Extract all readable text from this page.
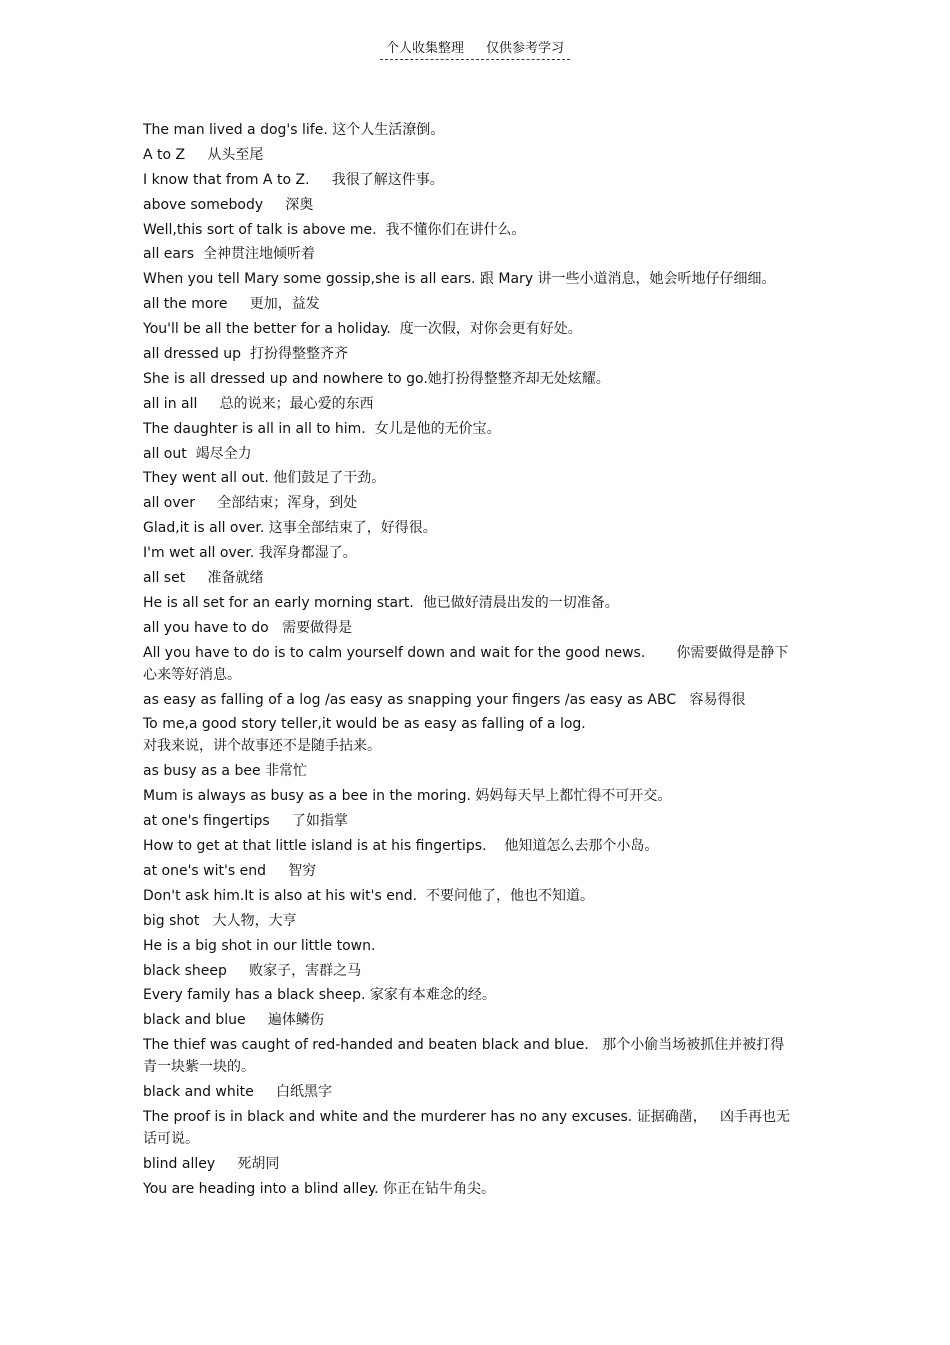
个人收集整理 仅供参考学习
The man lived a dog's life. 这个人生活潦倒。
A to Z     从头至尾
I know that from A to Z.     我很了解这件事。
above somebody     深奥
Well,this sort of talk is above me.  我不懂你们在讲什么。
all ears  全神贯注地倾听着
When you tell Mary some gossip,she is all ears. 跟 Mary 讲一些小道消息，她会听地仔仔细细。
all the more     更加，益发
You'll be all the better for a holiday.  度一次假，对你会更有好处。
all dressed up  打扮得整整齐齐
She is all dressed up and nowhere to go.她打扮得整整齐却无处炫耀。
all in all     总的说来；最心爱的东西
The daughter is all in all to him.  女儿是他的无价宝。
all out  竭尽全力
They went all out. 他们鼓足了干劲。
all over     全部结束；浑身，到处
Glad,it is all over. 这事全部结束了，好得很。
I'm wet all over. 我浑身都湿了。
all set     准备就绪
He is all set for an early morning start.  他已做好清晨出发的一切准备。
all you have to do   需要做得是
All you have to do is to calm yourself down and wait for the good news.       你需要做得是静下心来等好消息。
as easy as falling of a log /as easy as snapping your fingers /as easy as ABC   容易得很
To me,a good story teller,it would be as easy as falling of a log.
对我来说，讲个故事还不是随手拈来。
as busy as a bee 非常忙
Mum is always as busy as a bee in the moring. 妈妈每天早上都忙得不可开交。
at one's fingertips     了如指掌
How to get at that little island is at his fingertips.    他知道怎么去那个小岛。
at one's wit's end     智穷
Don't ask him.It is also at his wit's end.  不要问他了，他也不知道。
big shot   大人物，大亨
He is a big shot in our little town.
black sheep     败家子，害群之马
Every family has a black sheep. 家家有本难念的经。
black and blue     遍体鳞伤
The thief was caught of red-handed and beaten black and blue.   那个小偷当场被抓住并被打得青一块紫一块的。
black and white     白纸黑字
The proof is in black and white and the murderer has no any excuses. 证据确凿，   凶手再也无话可说。
blind alley     死胡同
You are heading into a blind alley. 你正在钻牛角尖。
